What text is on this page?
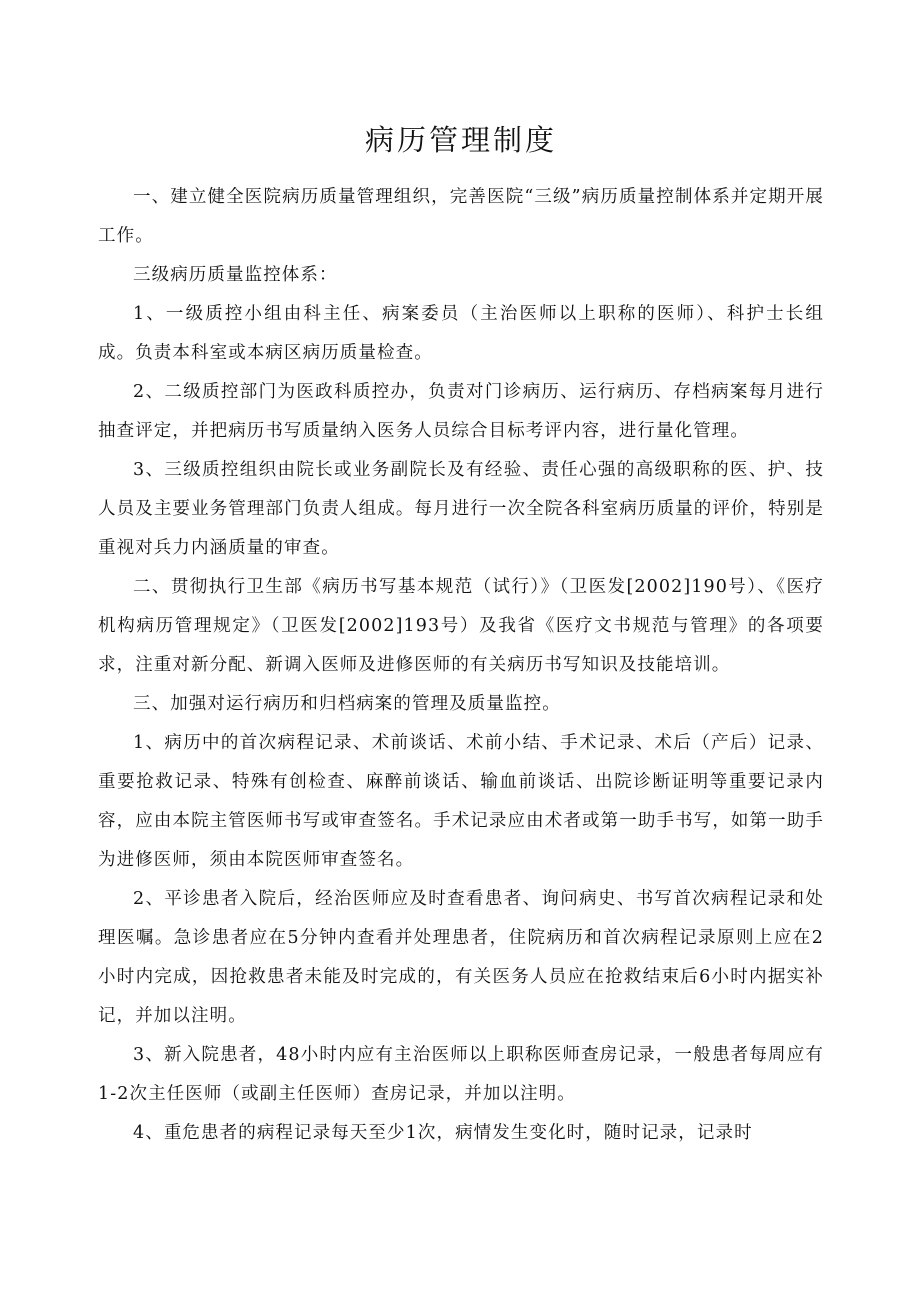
病历管理制度

一、建立健全医院病历质量管理组织，完善医院“三级”病历质量控制体系并定期开展工作。

三级病历质量监控体系：

1、一级质控小组由科主任、病案委员（主治医师以上职称的医师）、科护士长组成。负责本科室或本病区病历质量检查。

2、二级质控部门为医政科质控办，负责对门诊病历、运行病历、存档病案每月进行抽查评定，并把病历书写质量纳入医务人员综合目标考评内容，进行量化管理。

3、三级质控组织由院长或业务副院长及有经验、责任心强的高级职称的医、护、技人员及主要业务管理部门负责人组成。每月进行一次全院各科室病历质量的评价，特别是重视对兵力内涵质量的审查。

二、贯彻执行卫生部《病历书写基本规范（试行）》（卫医发[2002]190号）、《医疗机构病历管理规定》（卫医发[2002]193号）及我省《医疗文书规范与管理》的各项要求，注重对新分配、新调入医师及进修医师的有关病历书写知识及技能培训。

三、加强对运行病历和归档病案的管理及质量监控。

1、病历中的首次病程记录、术前谈话、术前小结、手术记录、术后（产后）记录、重要抢救记录、特殊有创检查、麻醉前谈话、输血前谈话、出院诊断证明等重要记录内容，应由本院主管医师书写或审查签名。手术记录应由术者或第一助手书写，如第一助手为进修医师，须由本院医师审查签名。

2、平诊患者入院后，经治医师应及时查看患者、询问病史、书写首次病程记录和处理医嘱。急诊患者应在5分钟内查看并处理患者，住院病历和首次病程记录原则上应在2小时内完成，因抢救患者未能及时完成的，有关医务人员应在抢救结束后6小时内据实补记，并加以注明。

3、新入院患者，48小时内应有主治医师以上职称医师查房记录，一般患者每周应有1-2次主任医师（或副主任医师）查房记录，并加以注明。

4、重危患者的病程记录每天至少1次，病情发生变化时，随时记录，记录时
